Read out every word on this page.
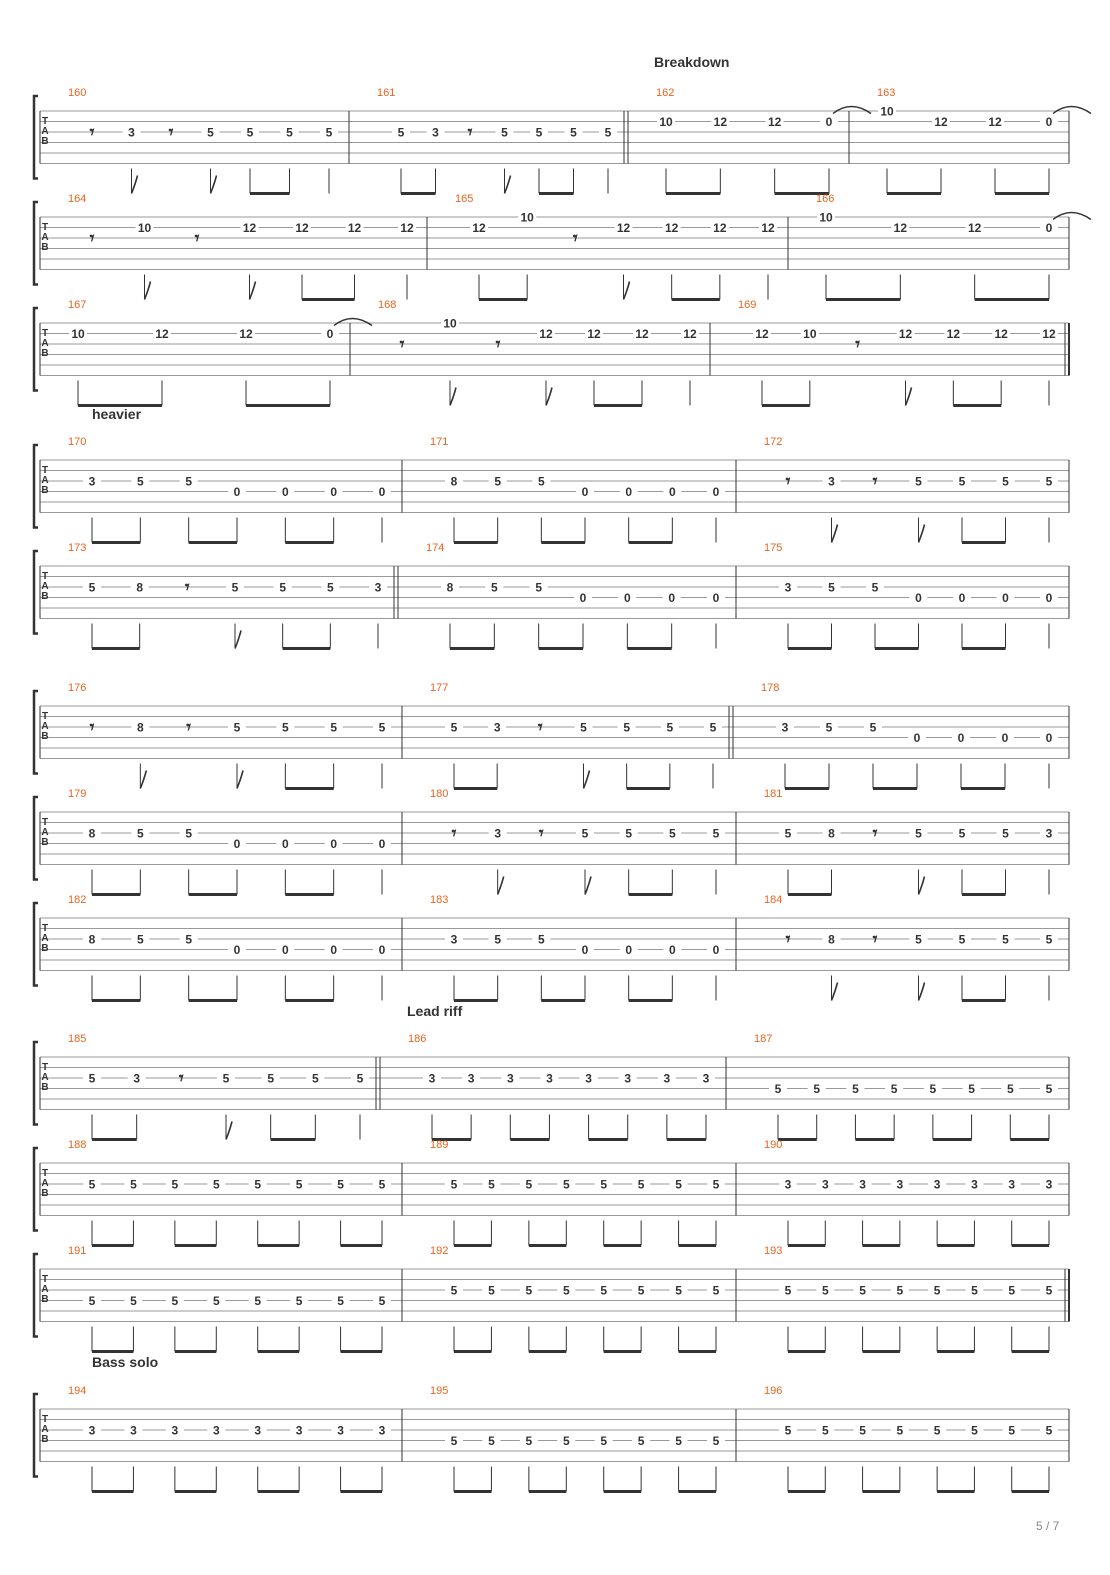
Breakdown
heavier
Lead riff
Bass solo
T
A
B
160
𝄾	3 𝄾	5	5	5	5
161
5 3 𝄾 5 5 5 5
162
10	12	12	0
163
10
12	12	0
T
A
B
164
𝄾	10 𝄾	12	12	12	12
165
12
10
𝄾	12	12	12	12
166
10
12	12	0
T
A
B
167
10	12	12	0
168
𝄾
10
𝄾	12	12	12	12
169
12	10 𝄾	12	12	12	12
T
A
B
170
3	5	5
0	0	0	0
171
8	5	5
0	0	0	0
172
𝄾	3 𝄾	5	5	5	5
T
A
B
173
5	8 𝄾	5	5	5	3
174
8	5	5
0	0	0	0
175
3	5	5
0	0	0	0
T
A
B
176
𝄾	8 𝄾	5	5	5	5
177
5	3 𝄾	5	5	5	5
178
3	5	5
0	0	0	0
T
A
B
179
8	5	5
0	0	0	0
180
𝄾	3 𝄾	5	5	5	5
181
5	8 𝄾	5	5	5	3
T
A
B
182
8	5	5
0	0	0	0
183
3	5	5
0	0	0	0
184
𝄾	8 𝄾	5	5	5	5
T
A
B
185
5	3 𝄾	5	5	5	5
186
3	3	3	3	3	3	3	3
187
5	5	5	5	5	5	5	5
T
A
B
188
5	5	5	5	5	5	5	5
189
5	5	5	5	5	5	5	5
190
3	3	3	3	3	3	3	3
T
A
B
191
5	5	5	5	5	5	5	5
192
5	5	5	5	5	5	5	5
193
5	5	5	5	5	5	5	5
T
A
B
194
3	3	3	3	3	3	3	3
195
5	5	5	5	5	5	5	5
196
5	5	5	5	5	5	5	5
5 / 7
